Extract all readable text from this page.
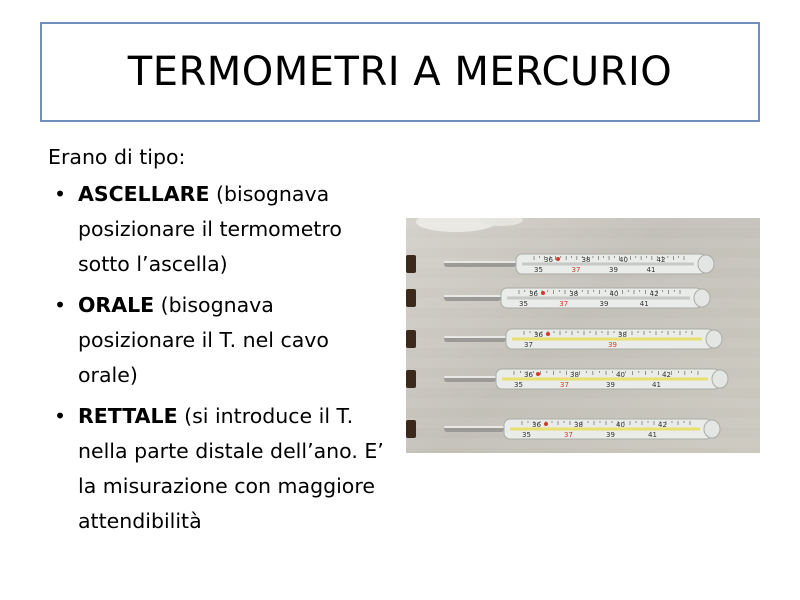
TERMOMETRI A MERCURIO

Erano di tipo:

• ASCELLARE (bisognava posizionare il termometro sotto l’ascella)
• ORALE (bisognava posizionare il T. nel cavo orale)
• RETTALE (si introduce il T. nella parte distale dell’ano. E’ la misurazione con maggiore attendibilità
36	38	40	42
35	37	39	41
36	38	40	42
35	37	39	41
36	38
37	39
36	38	40	42
35	37	39	41
36	38	40	42
35	37	39	41
